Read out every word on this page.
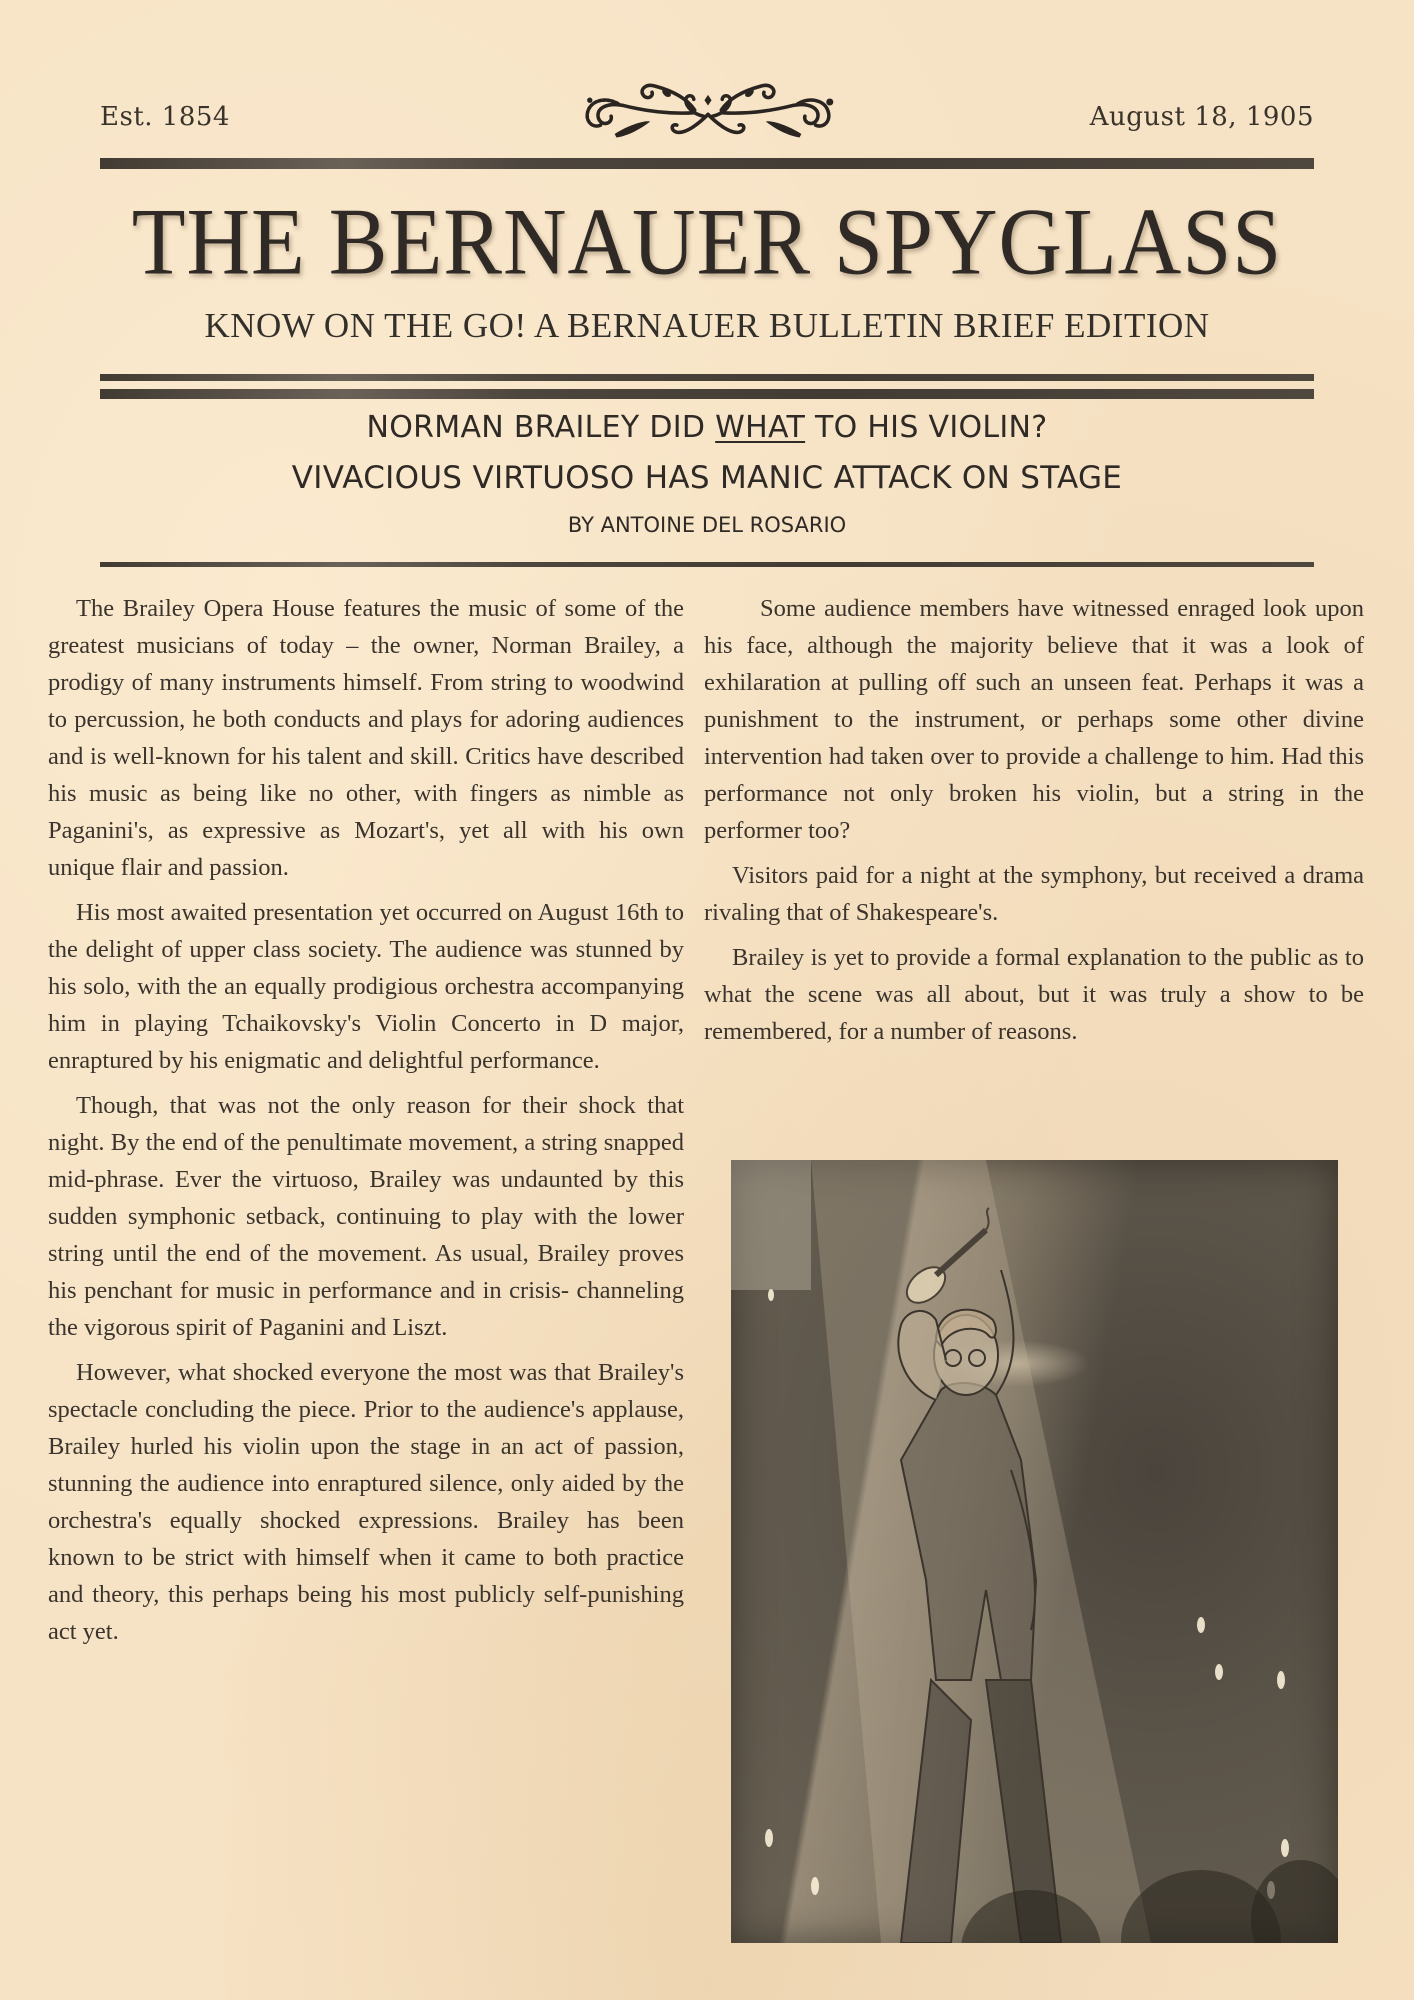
Est. 1854	August 18, 1905
THE BERNAUER SPYGLASS
KNOW ON THE GO! A BERNAUER BULLETIN BRIEF EDITION
NORMAN BRAILEY DID WHAT TO HIS VIOLIN?
VIVACIOUS VIRTUOSO HAS MANIC ATTACK ON STAGE
BY ANTOINE DEL ROSARIO

The Brailey Opera House features the music of some of the greatest musicians of today – the owner, Norman Brailey, a prodigy of many instruments himself. From string to woodwind to percussion, he both conducts and plays for adoring audiences and is well-known for his talent and skill. Critics have described his music as being like no other, with fingers as nimble as Paganini's, as expressive as Mozart's, yet all with his own unique flair and passion.

His most awaited presentation yet occurred on August 16th to the delight of upper class society. The audience was stunned by his solo, with the an equally prodigious orchestra accompanying him in playing Tchaikovsky's Violin Concerto in D major, enraptured by his enigmatic and delightful performance.

Though, that was not the only reason for their shock that night. By the end of the penultimate movement, a string snapped mid-phrase. Ever the virtuoso, Brailey was undaunted by this sudden symphonic setback, continuing to play with the lower string until the end of the movement. As usual, Brailey proves his penchant for music in performance and in crisis- channeling the vigorous spirit of Paganini and Liszt.

However, what shocked everyone the most was that Brailey's spectacle concluding the piece. Prior to the audience's applause, Brailey hurled his violin upon the stage in an act of passion, stunning the audience into enraptured silence, only aided by the orchestra's equally shocked expressions. Brailey has been known to be strict with himself when it came to both practice and theory, this perhaps being his most publicly self-punishing act yet.

Some audience members have witnessed enraged look upon his face, although the majority believe that it was a look of exhilaration at pulling off such an unseen feat. Perhaps it was a punishment to the instrument, or perhaps some other divine intervention had taken over to provide a challenge to him. Had this performance not only broken his violin, but a string in the performer too?

Visitors paid for a night at the symphony, but received a drama rivaling that of Shakespeare's.

Brailey is yet to provide a formal explanation to the public as to what the scene was all about, but it was truly a show to be remembered, for a number of reasons.
